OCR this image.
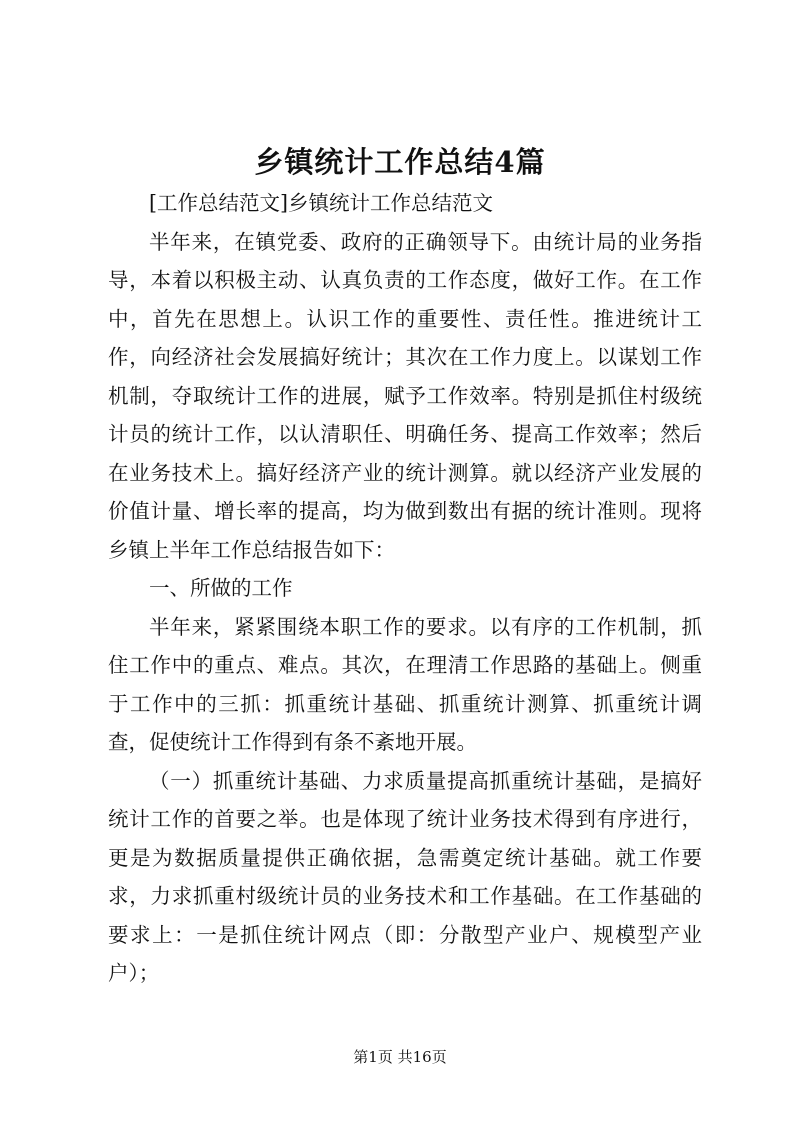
乡镇统计工作总结4篇

[工作总结范文]乡镇统计工作总结范文

半年来，在镇党委、政府的正确领导下。由统计局的业务指导，本着以积极主动、认真负责的工作态度，做好工作。在工作中，首先在思想上。认识工作的重要性、责任性。推进统计工作，向经济社会发展搞好统计；其次在工作力度上。以谋划工作机制，夺取统计工作的进展，赋予工作效率。特别是抓住村级统计员的统计工作，以认清职任、明确任务、提高工作效率；然后在业务技术上。搞好经济产业的统计测算。就以经济产业发展的价值计量、增长率的提高，均为做到数出有据的统计准则。现将乡镇上半年工作总结报告如下：

一、所做的工作

半年来，紧紧围绕本职工作的要求。以有序的工作机制，抓住工作中的重点、难点。其次，在理清工作思路的基础上。侧重于工作中的三抓：抓重统计基础、抓重统计测算、抓重统计调查，促使统计工作得到有条不紊地开展。

（一）抓重统计基础、力求质量提高抓重统计基础，是搞好统计工作的首要之举。也是体现了统计业务技术得到有序进行，更是为数据质量提供正确依据，急需奠定统计基础。就工作要求，力求抓重村级统计员的业务技术和工作基础。在工作基础的要求上：一是抓住统计网点（即：分散型产业户、规模型产业户）；

第1页 共16页
